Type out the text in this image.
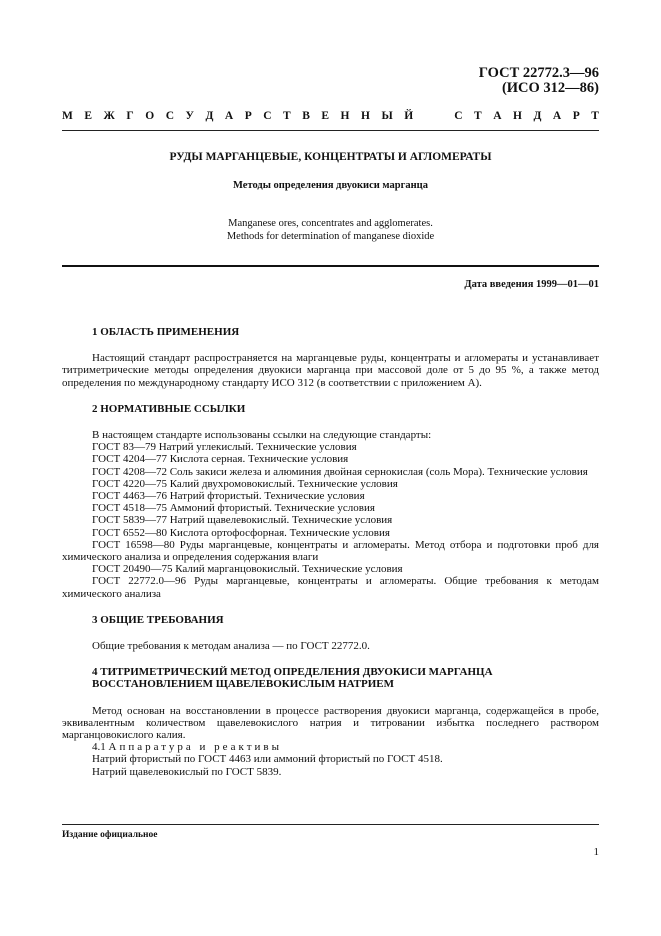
ГОСТ 22772.3—96
(ИСО 312—86)
М Е Ж Г О С У Д А Р С Т В Е Н Н Ы Й	С Т А Н Д А Р Т
РУДЫ МАРГАНЦЕВЫЕ, КОНЦЕНТРАТЫ И АГЛОМЕРАТЫ
Методы определения двуокиси марганца
Manganese ores, concentrates and agglomerates.
Methods for determination of manganese dioxide
Дата введения 1999—01—01

1 ОБЛАСТЬ ПРИМЕНЕНИЯ

Настоящий стандарт распространяется на марганцевые руды, концентраты и агломераты и устанавливает титриметрические методы определения двуокиси марганца при массовой доле от 5 до 95 %, а также метод определения по международному стандарту ИСО 312 (в соответствии с приложением А).

2 НОРМАТИВНЫЕ ССЫЛКИ

В настоящем стандарте использованы ссылки на следующие стандарты:

ГОСТ 83—79 Натрий углекислый. Технические условия

ГОСТ 4204—77 Кислота серная. Технические условия

ГОСТ 4208—72 Соль закиси железа и алюминия двойная сернокислая (соль Мора). Технические условия

ГОСТ 4220—75 Калий двухромовокислый. Технические условия

ГОСТ 4463—76 Натрий фтористый. Технические условия

ГОСТ 4518—75 Аммоний фтористый. Технические условия

ГОСТ 5839—77 Натрий щавелевокислый. Технические условия

ГОСТ 6552—80 Кислота ортофосфорная. Технические условия

ГОСТ 16598—80 Руды марганцевые, концентраты и агломераты. Метод отбора и подготовки проб для химического анализа и определения содержания влаги

ГОСТ 20490—75 Калий марганцовокислый. Технические условия

ГОСТ 22772.0—96 Руды марганцевые, концентраты и агломераты. Общие требования к методам химического анализа

3 ОБЩИЕ ТРЕБОВАНИЯ

Общие требования к методам анализа — по ГОСТ 22772.0.

4 ТИТРИМЕТРИЧЕСКИЙ МЕТОД ОПРЕДЕЛЕНИЯ ДВУОКИСИ МАРГАНЦА

ВОССТАНОВЛЕНИЕМ ЩАВЕЛЕВОКИСЛЫМ НАТРИЕМ

Метод основан на восстановлении в процессе растворения двуокиси марганца, содержащейся в пробе, эквивалентным количеством щавелевокислого натрия и титровании избытка последнего раствором марганцовокислого калия.

4.1 Аппаратура и реактивы

Натрий фтористый по ГОСТ 4463 или аммоний фтористый по ГОСТ 4518.

Натрий щавелевокислый по ГОСТ 5839.

Издание официальное
1
